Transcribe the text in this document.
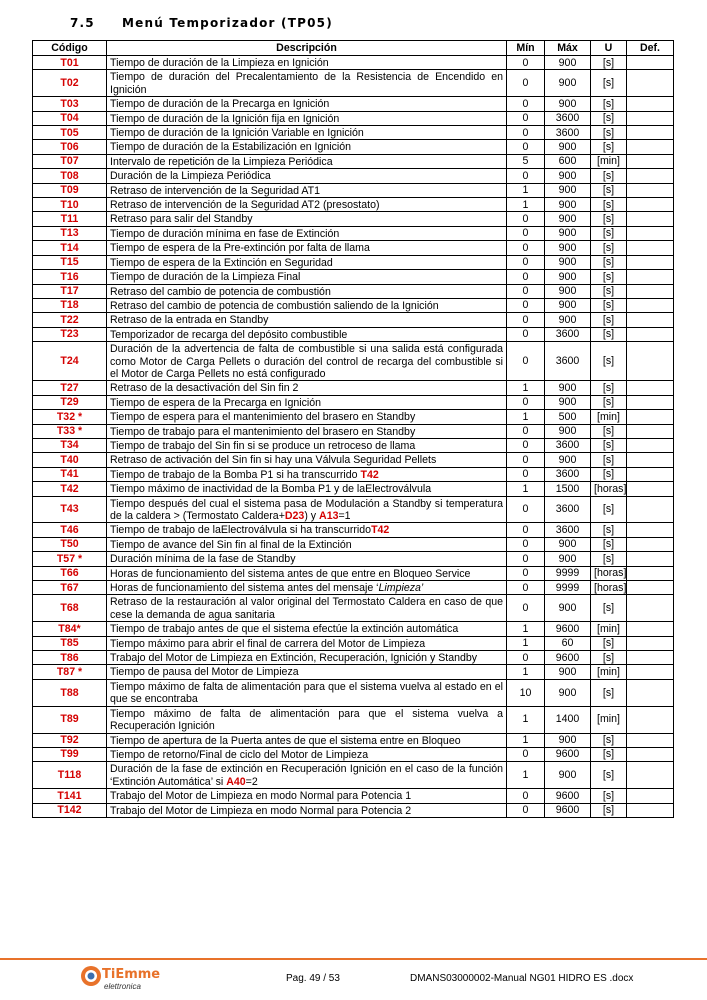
7.5 Menú Temporizador (TP05)
Código	Descripción	Mín	Máx	U	Def.
T01	Tiempo de duración de la Limpieza en Ignición	0	900	[s]	
T02	Tiempo de duración del Precalentamiento de la Resistencia de Encendido en Ignición	0	900	[s]	
T03	Tiempo de duración de la Precarga en Ignición	0	900	[s]	
T04	Tiempo de duración de la Ignición fija en Ignición	0	3600	[s]	
T05	Tiempo de duración de la Ignición Variable en Ignición	0	3600	[s]	
T06	Tiempo de duración de la Estabilización en Ignición	0	900	[s]	
T07	Intervalo de repetición de la Limpieza Periódica	5	600	[min]	
T08	Duración de la Limpieza Periódica	0	900	[s]	
T09	Retraso de intervención de la Seguridad AT1	1	900	[s]	
T10	Retraso de intervención de la Seguridad AT2 (presostato)	1	900	[s]	
T11	Retraso para salir del Standby	0	900	[s]	
T13	Tiempo de duración mínima en fase de Extinción	0	900	[s]	
T14	Tiempo de espera de la Pre-extinción por falta de llama	0	900	[s]	
T15	Tiempo de espera de la Extinción en Seguridad	0	900	[s]	
T16	Tiempo de duración de la Limpieza Final	0	900	[s]	
T17	Retraso del cambio de potencia de combustión	0	900	[s]	
T18	Retraso del cambio de potencia de combustión saliendo de la Ignición	0	900	[s]	
T22	Retraso de la entrada en Standby	0	900	[s]	
T23	Temporizador de recarga del depósito combustible	0	3600	[s]	
T24	Duración de la advertencia de falta de combustible si una salida está configurada como Motor de Carga Pellets o duración del control de recarga del combustible si el Motor de Carga Pellets no está configurado	0	3600	[s]	
T27	Retraso de la desactivación del Sin fin 2	1	900	[s]	
T29	Tiempo de espera de la Precarga en Ignición	0	900	[s]	
T32 *	Tiempo de espera para el mantenimiento del brasero en Standby	1	500	[min]	
T33 *	Tiempo de trabajo para el mantenimiento del brasero en Standby	0	900	[s]	
T34	Tiempo de trabajo del Sin fin si se produce un retroceso de llama	0	3600	[s]	
T40	Retraso de activación del Sin fin si hay una Válvula Seguridad Pellets	0	900	[s]	
T41	Tiempo de trabajo de la Bomba P1 si ha transcurrido T42	0	3600	[s]	
T42	Tiempo máximo de inactividad de la Bomba P1 y de laElectroválvula	1	1500	[horas]	
T43	Tiempo después del cual el sistema pasa de Modulación a Standby si temperatura de la caldera > (Termostato Caldera+D23) y A13=1	0	3600	[s]	
T46	Tiempo de trabajo de laElectroválvula si ha transcurridoT42	0	3600	[s]	
T50	Tiempo de avance del Sin fin al final de la Extinción	0	900	[s]	
T57 *	Duración mínima de la fase de Standby	0	900	[s]	
T66	Horas de funcionamiento del sistema antes de que entre en Bloqueo Service	0	9999	[horas]	
T67	Horas de funcionamiento del sistema antes del mensaje ‘Limpieza’	0	9999	[horas]	
T68	Retraso de la restauración al valor original del Termostato Caldera en caso de que cese la demanda de agua sanitaria	0	900	[s]	
T84*	Tiempo de trabajo antes de que el sistema efectúe la extinción automática	1	9600	[min]	
T85	Tiempo máximo para abrir el final de carrera del Motor de Limpieza	1	60	[s]	
T86	Trabajo del Motor de Limpieza en Extinción, Recuperación, Ignición y Standby	0	9600	[s]	
T87 *	Tiempo de pausa del Motor de Limpieza	1	900	[min]	
T88	Tiempo máximo de falta de alimentación para que el sistema vuelva al estado en el que se encontraba	10	900	[s]	
T89	Tiempo máximo de falta de alimentación para que el sistema vuelva a Recuperación Ignición	1	1400	[min]	
T92	Tiempo de apertura de la Puerta antes de que el sistema entre en Bloqueo	1	900	[s]	
T99	Tiempo de retorno/Final de ciclo del Motor de Limpieza	0	9600	[s]	
T118	Duración de la fase de extinción en Recuperación Ignición en el caso de la función ‘Extinción Automática’ si A40=2	1	900	[s]	
T141	Trabajo del Motor de Limpieza en modo Normal para Potencia 1	0	9600	[s]	
T142	Trabajo del Motor de Limpieza en modo Normal para Potencia 2	0	9600	[s]	
TiEmme
elettronica
Pag. 49 / 53	DMANS03000002-Manual NG01 HIDRO ES .docx
